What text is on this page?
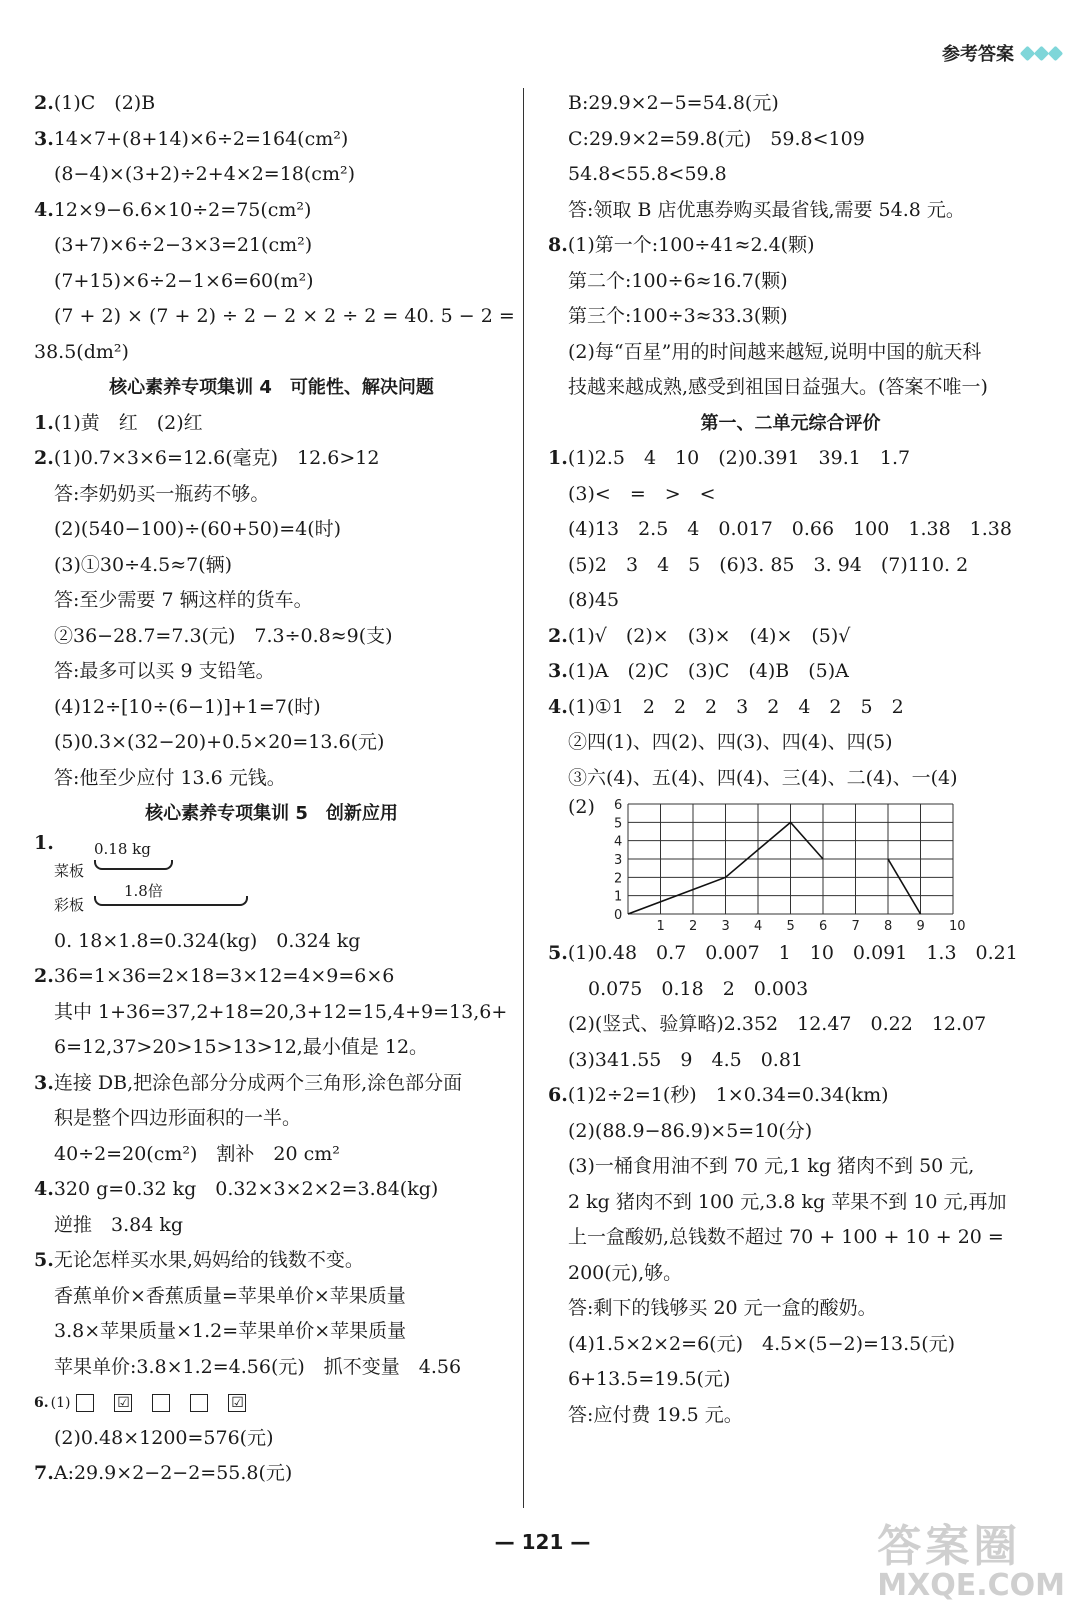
参考答案
2.(1)C　(2)B
3.14×7+(8+14)×6÷2=164(cm²)
(8−4)×(3+2)÷2+4×2=18(cm²)
4.12×9−6.6×10÷2=75(cm²)
(3+7)×6÷2−3×3=21(cm²)
(7+15)×6÷2−1×6=60(m²)
(7 + 2) × (7 + 2) ÷ 2 − 2 × 2 ÷ 2 = 40. 5 − 2 =
38.5(dm²)
核心素养专项集训 4　可能性、解决问题
1.(1)黄　红　(2)红
2.(1)0.7×3×6=12.6(毫克)　12.6>12
答:李奶奶买一瓶药不够。
(2)(540−100)÷(60+50)=4(时)
(3)①30÷4.5≈7(辆)
答:至少需要 7 辆这样的货车。
②36−28.7=7.3(元)　7.3÷0.8≈9(支)
答:最多可以买 9 支铅笔。
(4)12÷[10÷(6−1)]+1=7(时)
(5)0.3×(32−20)+0.5×20=13.6(元)
答:他至少应付 13.6 元钱。
核心素养专项集训 5　创新应用
1.	0.18 kg
菜板
1.8倍
彩板
0. 18×1.8=0.324(kg)　0.324 kg
2.36=1×36=2×18=3×12=4×9=6×6
其中 1+36=37,2+18=20,3+12=15,4+9=13,6+
6=12,37>20>15>13>12,最小值是 12。
3.连接 DB,把涂色部分分成两个三角形,涂色部分面
积是整个四边形面积的一半。
40÷2=20(cm²)　割补　20 cm²
4.320 g=0.32 kg　0.32×3×2×2=3.84(kg)
逆推　3.84 kg
5.无论怎样买水果,妈妈给的钱数不变。
香蕉单价×香蕉质量=苹果单价×苹果质量
3.8×苹果质量×1.2=苹果单价×苹果质量
苹果单价:3.8×1.2=4.56(元)　抓不变量　4.56
6. (1)	☑	☑
(2)0.48×1200=576(元)
7.A:29.9×2−2−2=55.8(元)
B:29.9×2−5=54.8(元)
C:29.9×2=59.8(元)　59.8<109
54.8<55.8<59.8
答:领取 B 店优惠券购买最省钱,需要 54.8 元。
8.(1)第一个:100÷41≈2.4(颗)
第二个:100÷6≈16.7(颗)
第三个:100÷3≈33.3(颗)
(2)每“百星”用的时间越来越短,说明中国的航天科
技越来越成熟,感受到祖国日益强大。(答案不唯一)
第一、二单元综合评价
1.(1)2.5　4　10　(2)0.391　39.1　1.7
(3)<　=　>　<
(4)13　2.5　4　0.017　0.66　100　1.38　1.38
(5)2　3　4　5　(6)3. 85　3. 94　(7)110. 2
(8)45
2.(1)√　(2)×　(3)×　(4)×　(5)√
3.(1)A　(2)C　(3)C　(4)B　(5)A
4.(1)①1　2　2　2　3　2　4　2　5　2
②四(1)、四(2)、四(3)、四(4)、四(5)
③六(4)、五(4)、四(4)、三(4)、二(4)、一(4)
(2)
0
1
2
3
4
5
6
1 2 3 4 5 6 7 8 9 10
5.(1)0.48　0.7　0.007　1　10　0.091　1.3　0.21
0.075　0.18　2　0.003
(2)(竖式、验算略)2.352　12.47　0.22　12.07
(3)341.55　9　4.5　0.81
6.(1)2÷2=1(秒)　1×0.34=0.34(km)
(2)(88.9−86.9)×5=10(分)
(3)一桶食用油不到 70 元,1 kg 猪肉不到 50 元,
2 kg 猪肉不到 100 元,3.8 kg 苹果不到 10 元,再加
上一盒酸奶,总钱数不超过 70 + 100 + 10 + 20 =
200(元),够。
答:剩下的钱够买 20 元一盒的酸奶。
(4)1.5×2×2=6(元)　4.5×(5−2)=13.5(元)
6+13.5=19.5(元)
答:应付费 19.5 元。
— 121 —	答案圈
MXQE.COM
